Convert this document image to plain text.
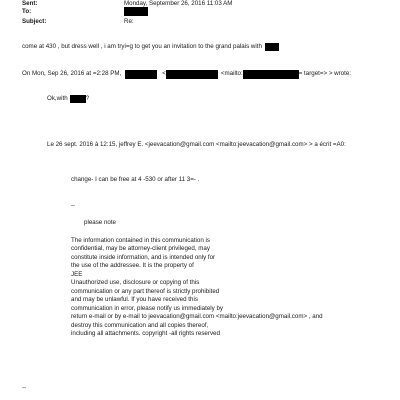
Sent:	Monday, September 26, 2016 11:03 AM
To:
Subject:	Re:
come at 430 , but dress well , i am tryi=g to get you an invitation to the grand palais with
On Mon, Sep 26, 2016 at =2:28 PM,	<	<mailto:	= target=> > wrote:
Ok,with	?
Le 26 sept. 2016 à 12:15, jeffrey E. <jeevacation@gmail.com <mailto:jeevacation@gmail.com> > a écrit =A0:
change- I can be free at 4 -530 or after 11 3=- .
--
please note
The information contained in this communication is
confidential, may be attorney-client privileged, may
constitute inside information, and is intended only for
the use of the addressee. It is the property of
JEE
Unauthorized use, disclosure or copying of this
communication or any part thereof is strictly prohibited
and may be unlawful. If you have received this
communication in error, please notify us immediately by
return e-mail or by e-mail to jeevacation@gmail.com <mailto:jeevacation@gmail.com> , and
destroy this communication and all copies thereof,
including all attachments. copyright -all rights reserved
--
